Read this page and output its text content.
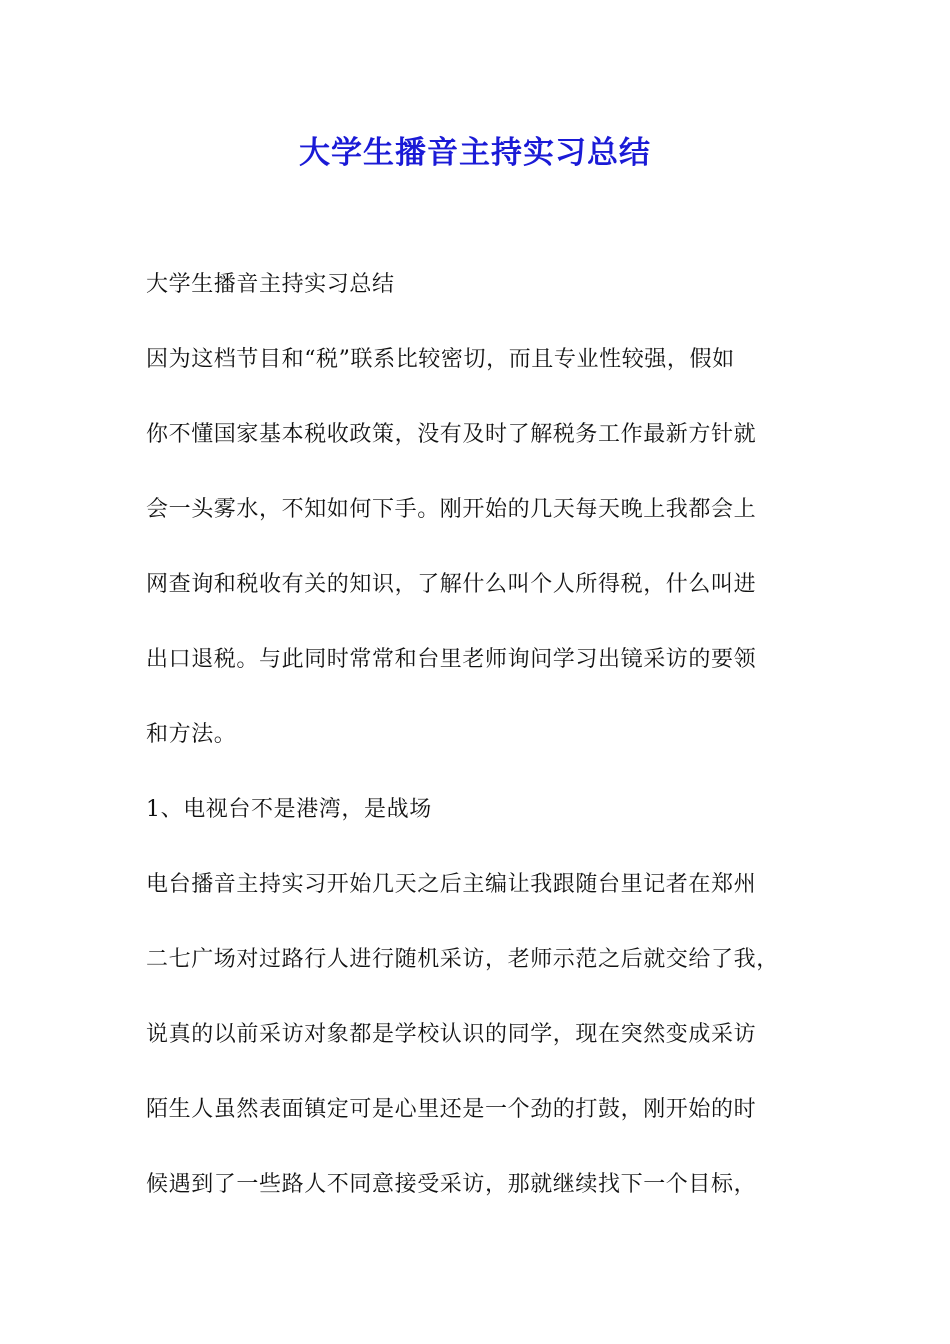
大学生播音主持实习总结
大学生播音主持实习总结
因为这档节目和“税”联系比较密切，而且专业性较强，假如
你不懂国家基本税收政策，没有及时了解税务工作最新方针就
会一头雾水，不知如何下手。刚开始的几天每天晚上我都会上
网查询和税收有关的知识，了解什么叫个人所得税，什么叫进
出口退税。与此同时常常和台里老师询问学习出镜采访的要领
和方法。
1、电视台不是港湾，是战场
电台播音主持实习开始几天之后主编让我跟随台里记者在郑州
二七广场对过路行人进行随机采访，老师示范之后就交给了我，
说真的以前采访对象都是学校认识的同学，现在突然变成采访
陌生人虽然表面镇定可是心里还是一个劲的打鼓，刚开始的时
候遇到了一些路人不同意接受采访，那就继续找下一个目标，
